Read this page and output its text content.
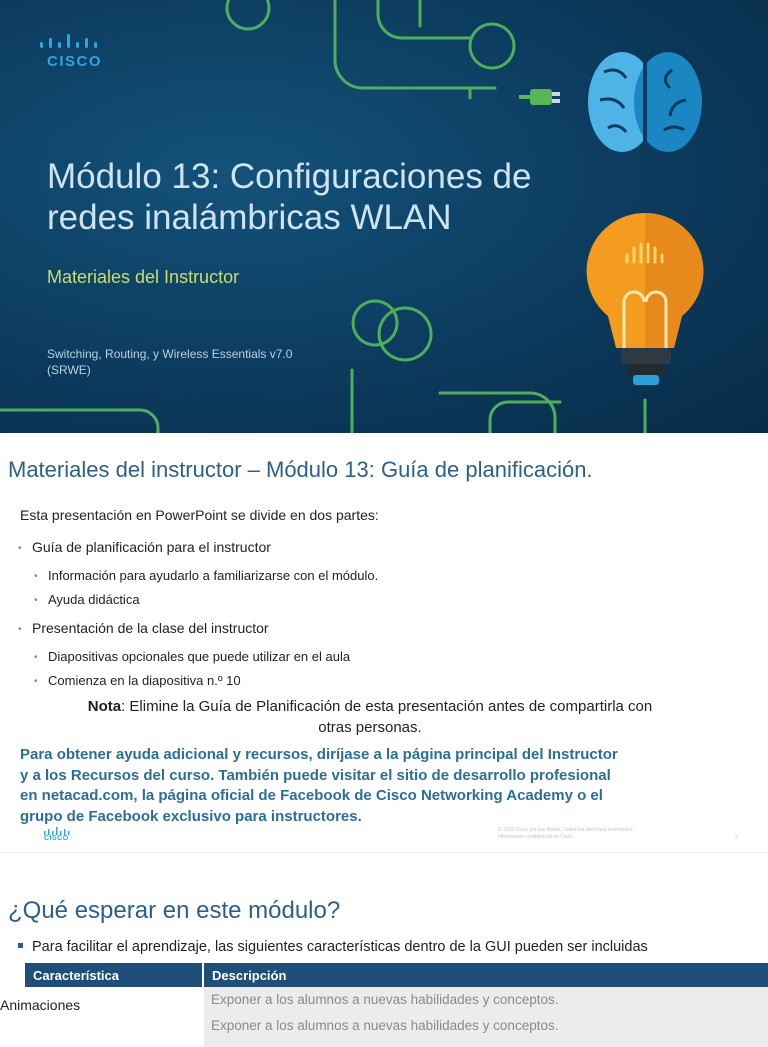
CISCO
Módulo 13: Configuraciones de
redes inalámbricas WLAN
Materiales del Instructor
Switching, Routing, y Wireless Essentials v7.0
(SRWE)
Materiales del instructor – Módulo 13: Guía de planificación.
Esta presentación en PowerPoint se divide en dos partes:
• Guía de planificación para el instructor
• Información para ayudarlo a familiarizarse con el módulo.
• Ayuda didáctica
• Presentación de la clase del instructor
• Diapositivas opcionales que puede utilizar en el aula
• Comienza en la diapositiva n.º 10
Nota: Elimine la Guía de Planificación de esta presentación antes de compartirla con
otras personas.
Para obtener ayuda adicional y recursos, diríjase a la página principal del Instructor
y a los Recursos del curso. También puede visitar el sitio de desarrollo profesional
en netacad.com, la página oficial de Facebook de Cisco Networking Academy o el
grupo de Facebook exclusivo para instructores.
CISCO
© 2016 Cisco y/o sus filiales. Todos los derechos reservados.
Información confidencial de Cisco	2
¿Qué esperar en este módulo?
Para facilitar el aprendizaje, las siguientes características dentro de la GUI pueden ser incluidas
Característica	Descripción
Animaciones	Exponer a los alumnos a nuevas habilidades y conceptos.
	Exponer a los alumnos a nuevas habilidades y conceptos.
